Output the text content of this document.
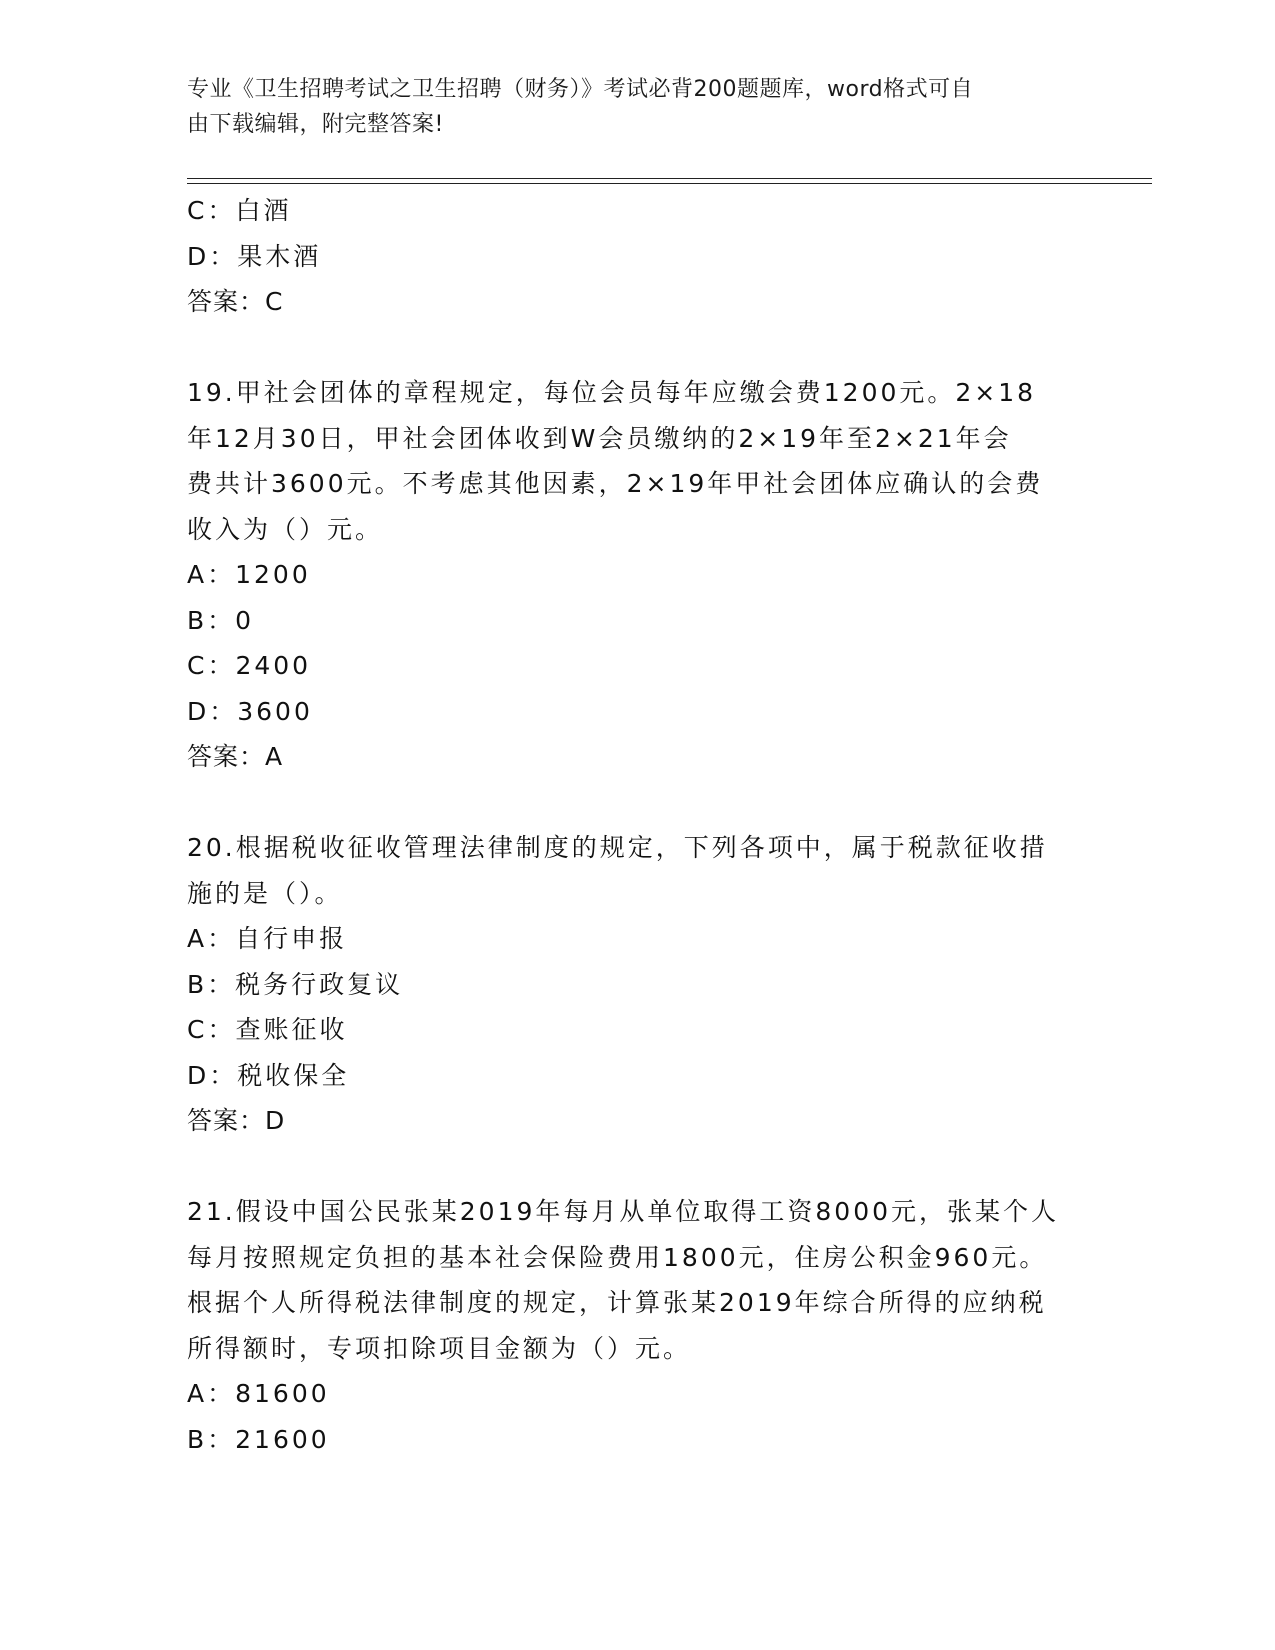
专业《卫生招聘考试之卫生招聘（财务）》考试必背200题题库，word格式可自
由下载编辑，附完整答案!
C：白酒
D：果木酒
答案：C
19.甲社会团体的章程规定，每位会员每年应缴会费1200元。2×18
年12月30日，甲社会团体收到W会员缴纳的2×19年至2×21年会
费共计3600元。不考虑其他因素，2×19年甲社会团体应确认的会费
收入为（）元。
A：1200
B：0
C：2400
D：3600
答案：A
20.根据税收征收管理法律制度的规定，下列各项中，属于税款征收措
施的是（）。
A：自行申报
B：税务行政复议
C：查账征收
D：税收保全
答案：D
21.假设中国公民张某2019年每月从单位取得工资8000元，张某个人
每月按照规定负担的基本社会保险费用1800元，住房公积金960元。
根据个人所得税法律制度的规定，计算张某2019年综合所得的应纳税
所得额时，专项扣除项目金额为（）元。
A：81600
B：21600
